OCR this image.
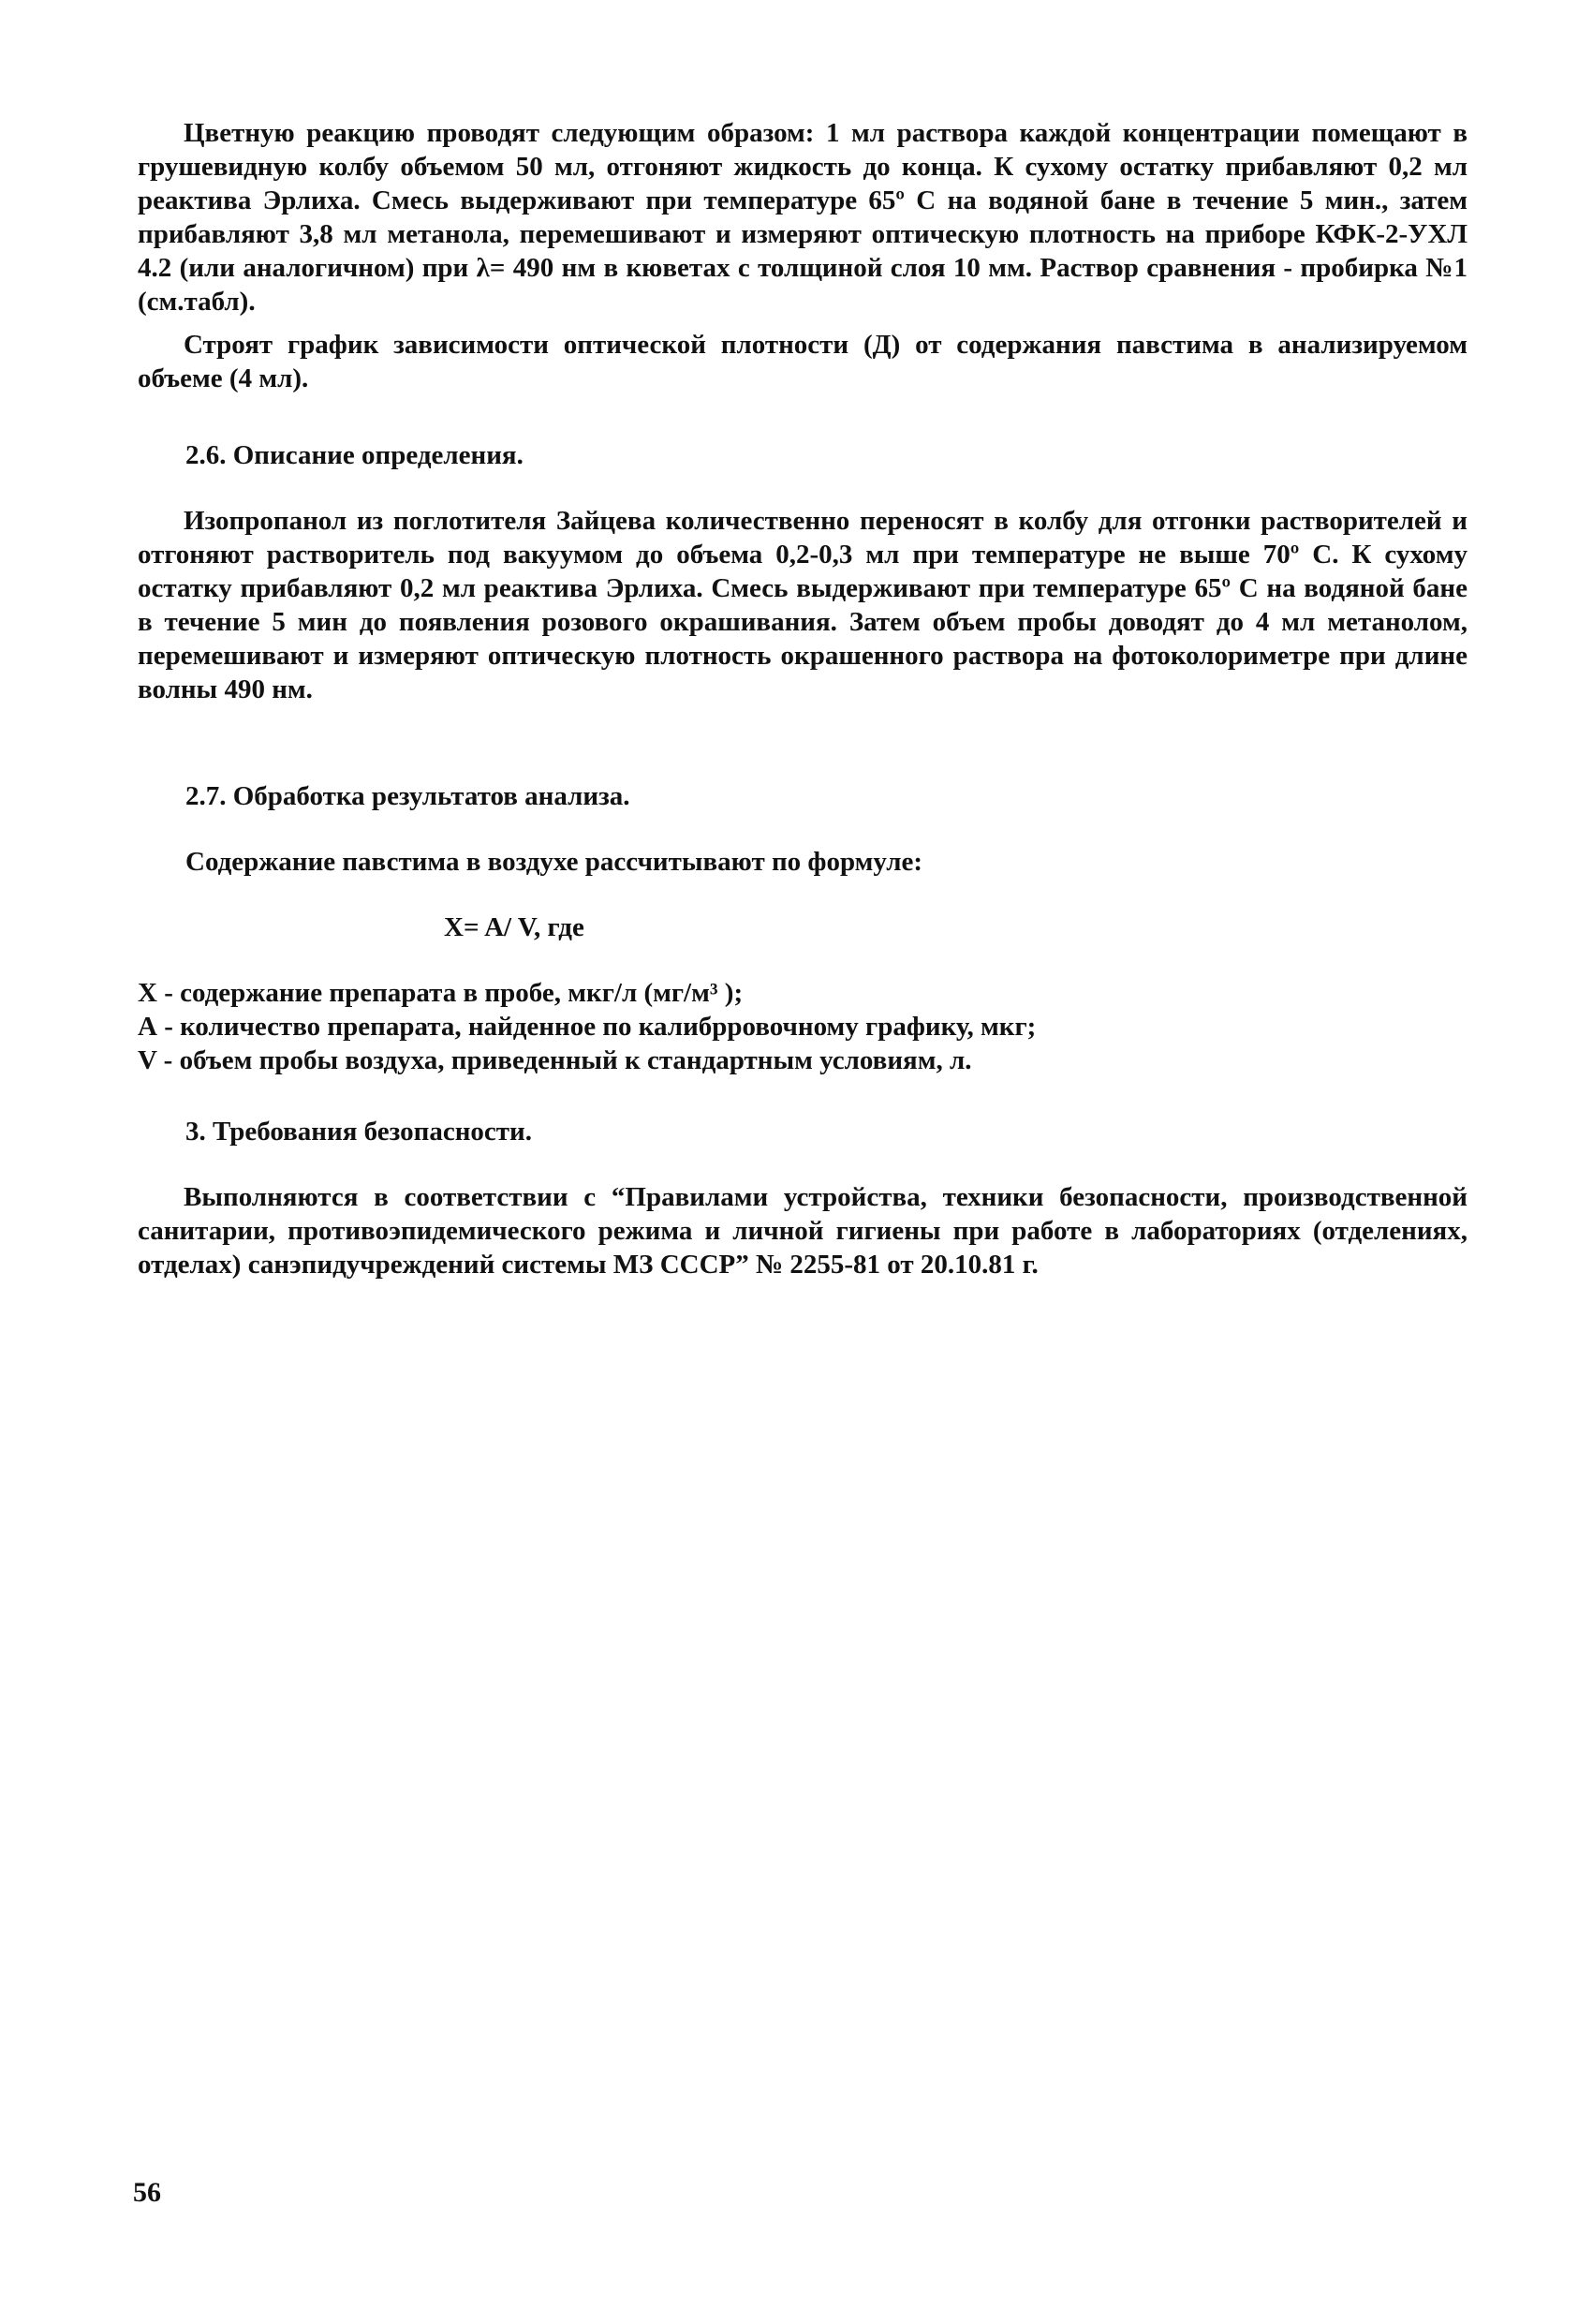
Цветную реакцию проводят следующим образом: 1 мл раствора каждой концентрации помещают в грушевидную колбу объемом 50 мл, отгоняют жидкость до конца. К сухому остатку прибавляют 0,2 мл реактива Эрлиха. Смесь выдерживают при температуре 65º С на водяной бане в течение 5 мин., затем прибавляют 3,8 мл метанола, перемешивают и измеряют оптическую плотность на приборе КФК-2-УХЛ 4.2 (или аналогичном) при λ= 490 нм в кюветах с толщиной слоя 10 мм. Раствор сравнения - пробирка №1 (см.табл).

Строят график зависимости оптической плотности (Д) от содержания павстима в анализируемом объеме (4 мл).

2.6. Описание определения.

Изопропанол из поглотителя Зайцева количественно переносят в колбу для отгонки растворителей и отгоняют растворитель под вакуумом до объема 0,2-0,3 мл при температуре не выше 70º С. К сухому остатку прибавляют 0,2 мл реактива Эрлиха. Смесь выдерживают при температуре 65º С на водяной бане в течение 5 мин до появления розового окрашивания. Затем объем пробы доводят до 4 мл метанолом, перемешивают и измеряют оптическую плотность окрашенного раствора на фотоколориметре при длине волны 490 нм.

2.7. Обработка результатов анализа.
Содержание павстима в воздухе рассчитывают по формуле:
X= A/ V, где

X - содержание препарата в пробе, мкг/л (мг/м³ );

А - количество препарата, найденное по калибрровочному графику, мкг;

V - объем пробы воздуха, приведенный к стандартным условиям, л.

3. Требования безопасности.

Выполняются в соответствии с “Правилами устройства, техники безопасности, производственной санитарии, противоэпидемического режима и личной гигиены при работе в лабораториях (отделениях, отделах) санэпидучреждений системы МЗ СССР” № 2255-81 от 20.10.81 г.

56
